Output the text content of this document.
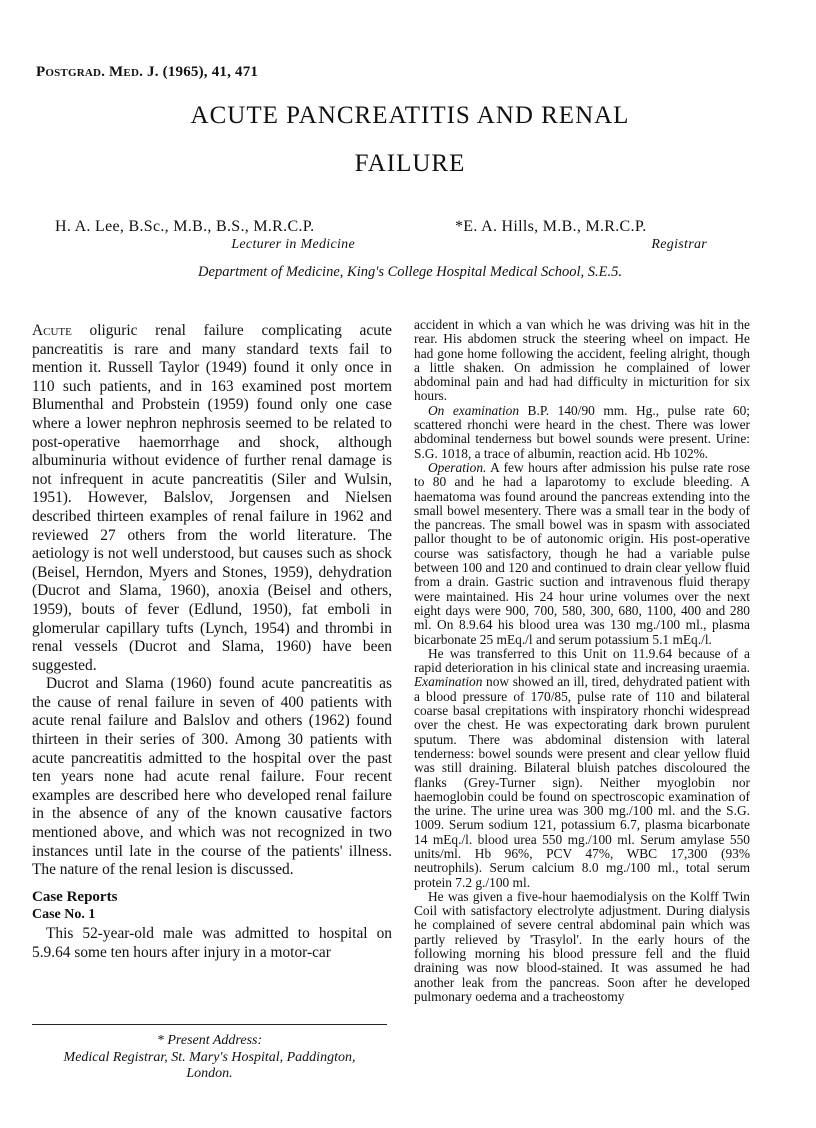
Postgrad. Med. J. (1965), 41, 471
ACUTE PANCREATITIS AND RENAL
FAILURE
H. A. Lee, B.Sc., M.B., B.S., M.R.C.P.
Lecturer in Medicine
*E. A. Hills, M.B., M.R.C.P.
Registrar
Department of Medicine, King's College Hospital Medical School, S.E.5.

Acute oliguric renal failure complicating acute pancreatitis is rare and many standard texts fail to mention it. Russell Taylor (1949) found it only once in 110 such patients, and in 163 examined post mortem Blumenthal and Probstein (1959) found only one case where a lower nephron nephrosis seemed to be related to post-operative haemorrhage and shock, although albuminuria without evidence of further renal damage is not infrequent in acute pancreatitis (Siler and Wulsin, 1951). However, Balslov, Jorgensen and Nielsen described thirteen examples of renal failure in 1962 and reviewed 27 others from the world literature. The aetiology is not well understood, but causes such as shock (Beisel, Herndon, Myers and Stones, 1959), dehydration (Ducrot and Slama, 1960), anoxia (Beisel and others, 1959), bouts of fever (Edlund, 1950), fat emboli in glomerular capillary tufts (Lynch, 1954) and thrombi in renal vessels (Ducrot and Slama, 1960) have been suggested.

Ducrot and Slama (1960) found acute pancreatitis as the cause of renal failure in seven of 400 patients with acute renal failure and Balslov and others (1962) found thirteen in their series of 300. Among 30 patients with acute pancreatitis admitted to the hospital over the past ten years none had acute renal failure. Four recent examples are described here who developed renal failure in the absence of any of the known causative factors mentioned above, and which was not recognized in two instances until late in the course of the patients' illness. The nature of the renal lesion is discussed.

Case Reports
Case No. 1

This 52-year-old male was admitted to hospital on 5.9.64 some ten hours after injury in a motor-car

accident in which a van which he was driving was hit in the rear. His abdomen struck the steering wheel on impact. He had gone home following the accident, feeling alright, though a little shaken. On admission he complained of lower abdominal pain and had had difficulty in micturition for six hours.

On examination B.P. 140/90 mm. Hg., pulse rate 60; scattered rhonchi were heard in the chest. There was lower abdominal tenderness but bowel sounds were present. Urine: S.G. 1018, a trace of albumin, reaction acid. Hb 102%.

Operation. A few hours after admission his pulse rate rose to 80 and he had a laparotomy to exclude bleeding. A haematoma was found around the pancreas extending into the small bowel mesentery. There was a small tear in the body of the pancreas. The small bowel was in spasm with associated pallor thought to be of autonomic origin. His post-operative course was satisfactory, though he had a variable pulse between 100 and 120 and continued to drain clear yellow fluid from a drain. Gastric suction and intravenous fluid therapy were maintained. His 24 hour urine volumes over the next eight days were 900, 700, 580, 300, 680, 1100, 400 and 280 ml. On 8.9.64 his blood urea was 130 mg./100 ml., plasma bicarbonate 25 mEq./l and serum potassium 5.1 mEq./l.

He was transferred to this Unit on 11.9.64 because of a rapid deterioration in his clinical state and increasing uraemia. Examination now showed an ill, tired, dehydrated patient with a blood pressure of 170/85, pulse rate of 110 and bilateral coarse basal crepitations with inspiratory rhonchi widespread over the chest. He was expectorating dark brown purulent sputum. There was abdominal distension with lateral tenderness: bowel sounds were present and clear yellow fluid was still draining. Bilateral bluish patches discoloured the flanks (Grey-Turner sign). Neither myoglobin nor haemoglobin could be found on spectroscopic examination of the urine. The urine urea was 300 mg./100 ml. and the S.G. 1009. Serum sodium 121, potassium 6.7, plasma bicarbonate 14 mEq./l. blood urea 550 mg./100 ml. Serum amylase 550 units/ml. Hb 96%, PCV 47%, WBC 17,300 (93% neutrophils). Serum calcium 8.0 mg./100 ml., total serum protein 7.2 g./100 ml.

He was given a five-hour haemodialysis on the Kolff Twin Coil with satisfactory electrolyte adjustment. During dialysis he complained of severe central abdominal pain which was partly relieved by 'Trasylol'. In the early hours of the following morning his blood pressure fell and the fluid draining was now blood-stained. It was assumed he had another leak from the pancreas. Soon after he developed pulmonary oedema and a tracheostomy

* Present Address:
Medical Registrar, St. Mary's Hospital, Paddington,
London.
